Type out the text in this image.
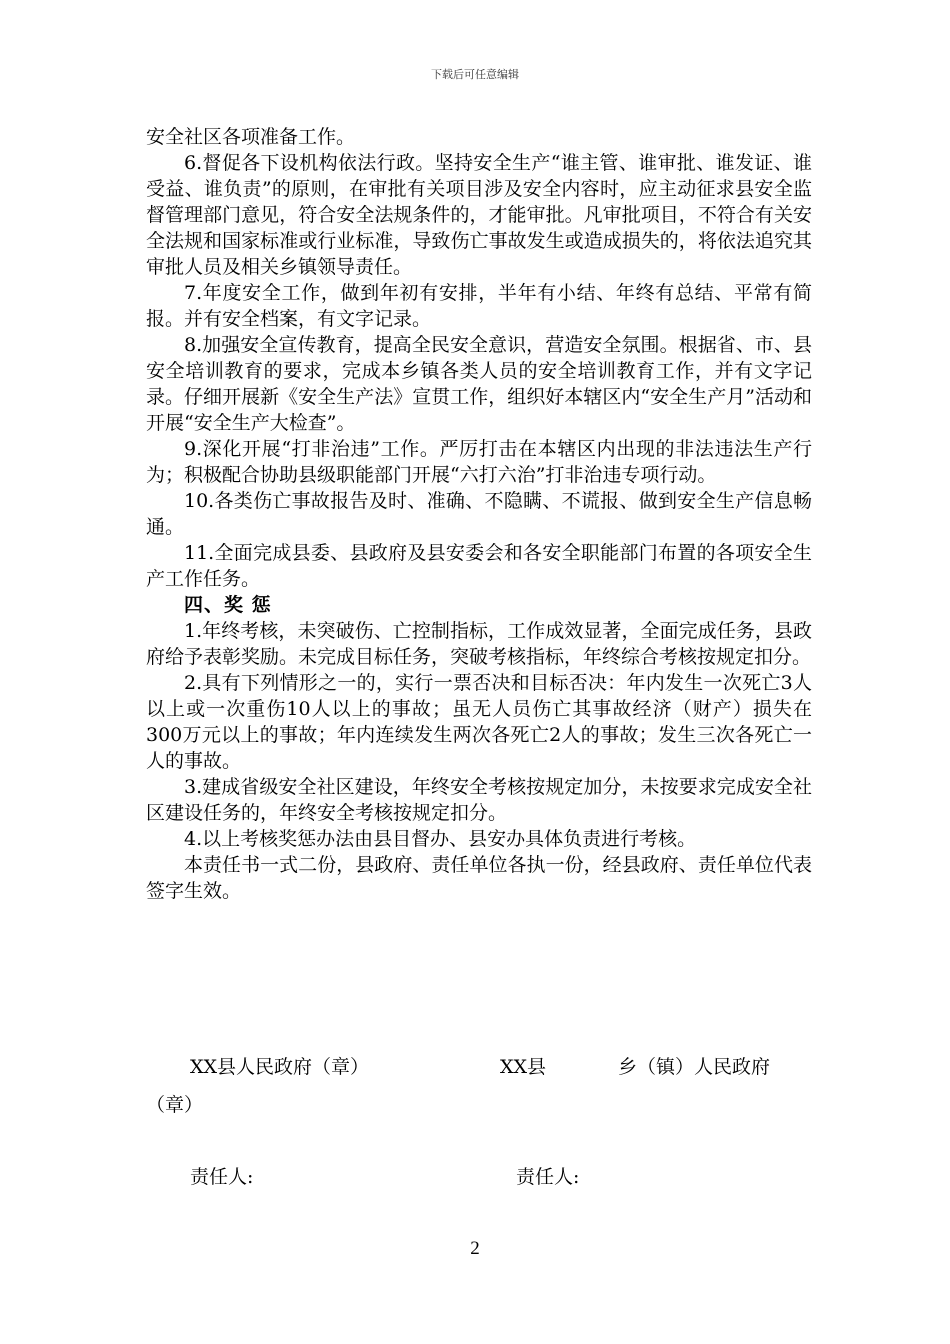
下载后可任意编辑

安全社区各项准备工作。

6.督促各下设机构依法行政。坚持安全生产“谁主管、谁审批、谁发证、谁受益、谁负责”的原则，在审批有关项目涉及安全内容时，应主动征求县安全监督管理部门意见，符合安全法规条件的，才能审批。凡审批项目，不符合有关安全法规和国家标准或行业标准，导致伤亡事故发生或造成损失的，将依法追究其审批人员及相关乡镇领导责任。

7.年度安全工作，做到年初有安排，半年有小结、年终有总结、平常有简报。并有安全档案，有文字记录。

8.加强安全宣传教育，提高全民安全意识，营造安全氛围。根据省、市、县安全培训教育的要求，完成本乡镇各类人员的安全培训教育工作，并有文字记录。仔细开展新《安全生产法》宣贯工作，组织好本辖区内“安全生产月”活动和开展“安全生产大检查”。

9.深化开展“打非治违”工作。严厉打击在本辖区内出现的非法违法生产行为；积极配合协助县级职能部门开展“六打六治”打非治违专项行动。

10.各类伤亡事故报告及时、准确、不隐瞒、不谎报、做到安全生产信息畅通。

11.全面完成县委、县政府及县安委会和各安全职能部门布置的各项安全生产工作任务。

四、奖 惩

1.年终考核，未突破伤、亡控制指标，工作成效显著，全面完成任务，县政府给予表彰奖励。未完成目标任务，突破考核指标，年终综合考核按规定扣分。

2.具有下列情形之一的，实行一票否决和目标否决：年内发生一次死亡3人以上或一次重伤10人以上的事故；虽无人员伤亡其事故经济（财产）损失在300万元以上的事故；年内连续发生两次各死亡2人的事故；发生三次各死亡一人的事故。

3.建成省级安全社区建设，年终安全考核按规定加分，未按要求完成安全社区建设任务的，年终安全考核按规定扣分。

4.以上考核奖惩办法由县目督办、县安办具体负责进行考核。

本责任书一式二份，县政府、责任单位各执一份，经县政府、责任单位代表签字生效。

XX县人民政府（章）	XX县	乡（镇）人民政府
（章）
责任人:	责任人:
2
